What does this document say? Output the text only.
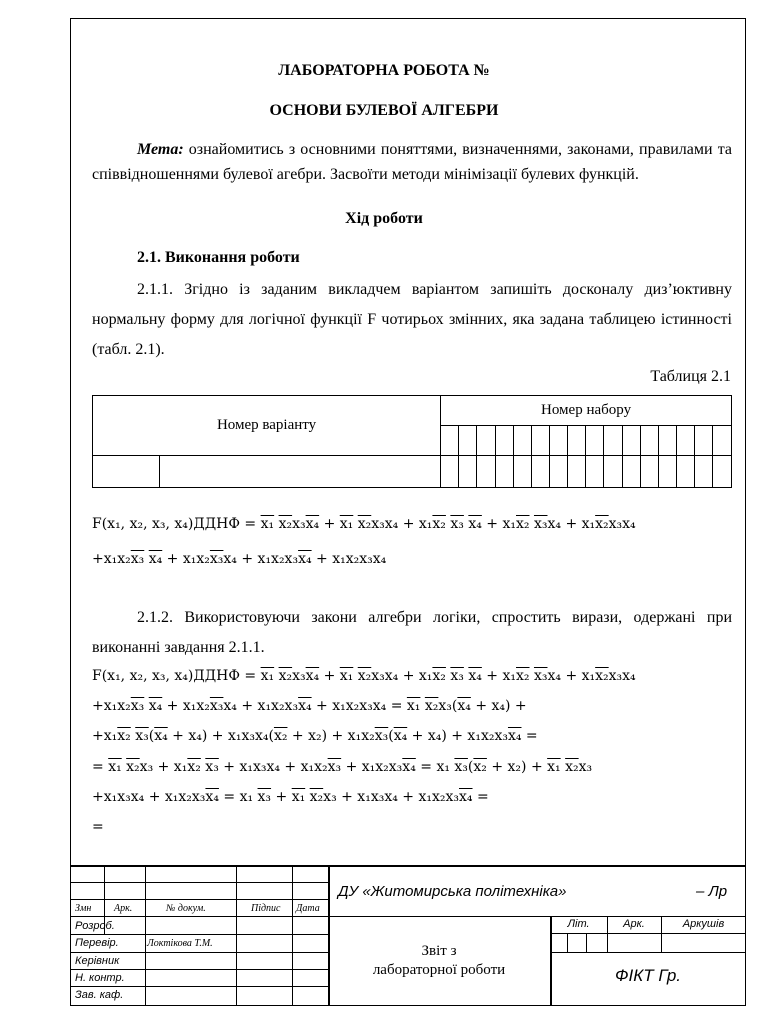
ЛАБОРАТОРНА РОБОТА №
ОСНОВИ БУЛЕВОЇ АЛГЕБРИ
Мета: ознайомитись з основними поняттями, визначеннями, законами, правилами та співвідношеннями булевої агебри. Засвоїти методи мінімізації булевих функцій.
Хід роботи
2.1. Виконання роботи
2.1.1. Згідно із заданим викладчем варіантом запишіть досконалу диз’юктивну нормальну форму для логічної функції F чотирьох змінних, яка задана таблицею істинності (табл. 2.1).
Таблиця 2.1
Номер варіанту		Номер набору															

F(x₁, x₂, x₃, x₄)ДДНФ = x₁ x₂x₃x₄ + x₁ x₂x₃x₄ + x₁x₂ x₃ x₄ + x₁x₂ x₃x₄ + x₁x₂x₃x₄
+x₁x₂x₃ x₄ + x₁x₂x₃x₄ + x₁x₂x₃x₄ + x₁x₂x₃x₄
2.1.2. Використовуючи закони алгебри логіки, спростить вирази, одержані при виконанні завдання 2.1.1.
F(x₁, x₂, x₃, x₄)ДДНФ = x₁ x₂x₃x₄ + x₁ x₂x₃x₄ + x₁x₂ x₃ x₄ + x₁x₂ x₃x₄ + x₁x₂x₃x₄
+x₁x₂x₃ x₄ + x₁x₂x₃x₄ + x₁x₂x₃x₄ + x₁x₂x₃x₄ = x₁ x₂x₃(x₄ + x₄) +
+x₁x₂ x₃(x₄ + x₄) + x₁x₃x₄(x₂ + x₂) + x₁x₂x₃(x₄ + x₄) + x₁x₂x₃x₄ =
= x₁ x₂x₃ + x₁x₂ x₃ + x₁x₃x₄ + x₁x₂x₃ + x₁x₂x₃x₄ = x₁ x₃(x₂ + x₂) + x₁ x₂x₃
+x₁x₃x₄ + x₁x₂x₃x₄ = x₁ x₃ + x₁ x₂x₃ + x₁x₃x₄ + x₁x₂x₃x₄ =
=
ДУ «Житомирська політехніка»	– Лр
Змн Арк.	№ докум.	Підпис Дата
Розроб.
Перевір.	Локтікова Т.М.
Керівник
Н. контр.
Зав. каф.
Звіт з
лабораторної роботи
Літ.	Арк.	Аркушів
ФІКТ Гр.
